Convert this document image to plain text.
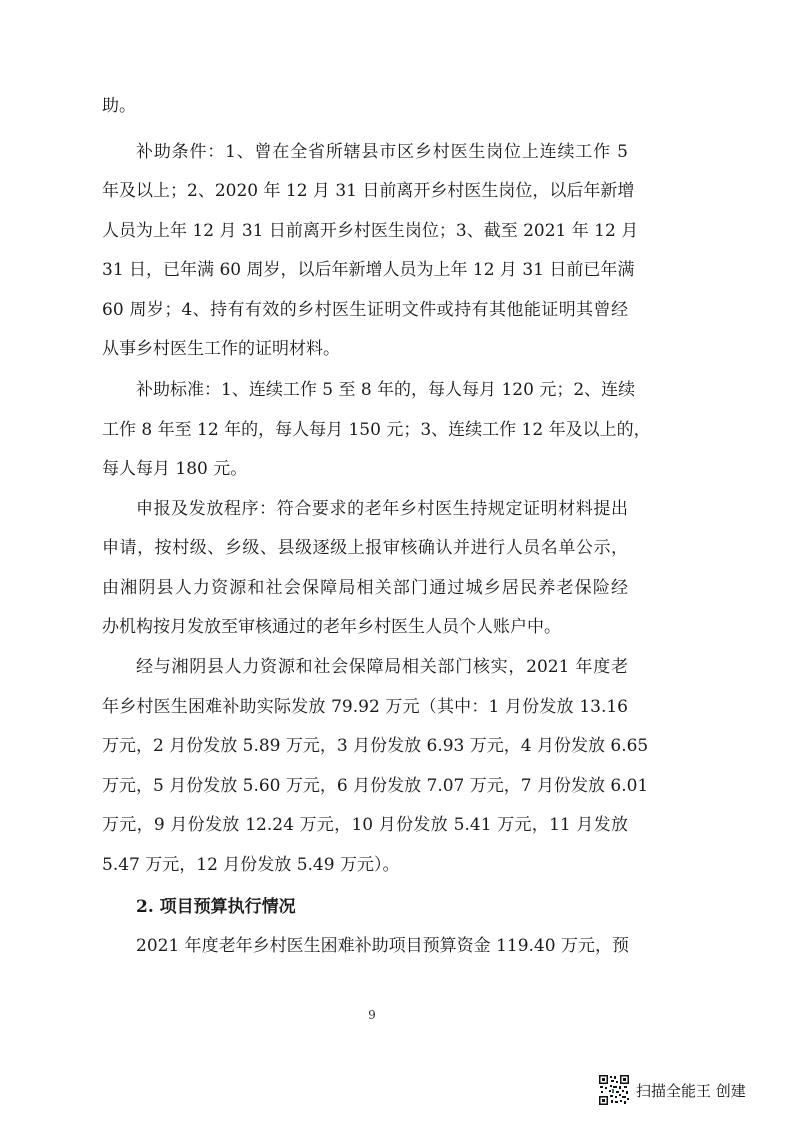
助。
补助条件：1、曾在全省所辖县市区乡村医生岗位上连续工作 5
年及以上；2、2020 年 12 月 31 日前离开乡村医生岗位，以后年新增
人员为上年 12 月 31 日前离开乡村医生岗位；3、截至 2021 年 12 月
31 日，已年满 60 周岁，以后年新增人员为上年 12 月 31 日前已年满
60 周岁；4、持有有效的乡村医生证明文件或持有其他能证明其曾经
从事乡村医生工作的证明材料。
补助标准：1、连续工作 5 至 8 年的，每人每月 120 元；2、连续
工作 8 年至 12 年的，每人每月 150 元；3、连续工作 12 年及以上的，
每人每月 180 元。
申报及发放程序：符合要求的老年乡村医生持规定证明材料提出
申请，按村级、乡级、县级逐级上报审核确认并进行人员名单公示，
由湘阴县人力资源和社会保障局相关部门通过城乡居民养老保险经
办机构按月发放至审核通过的老年乡村医生人员个人账户中。
经与湘阴县人力资源和社会保障局相关部门核实，2021 年度老
年乡村医生困难补助实际发放 79.92 万元（其中：1 月份发放 13.16
万元，2 月份发放 5.89 万元，3 月份发放 6.93 万元，4 月份发放 6.65
万元，5 月份发放 5.60 万元，6 月份发放 7.07 万元，7 月份发放 6.01
万元，9 月份发放 12.24 万元，10 月份发放 5.41 万元，11 月发放
5.47 万元，12 月份发放 5.49 万元）。
2. 项目预算执行情况
2021 年度老年乡村医生困难补助项目预算资金 119.40 万元，预
9
扫描全能王 创建
